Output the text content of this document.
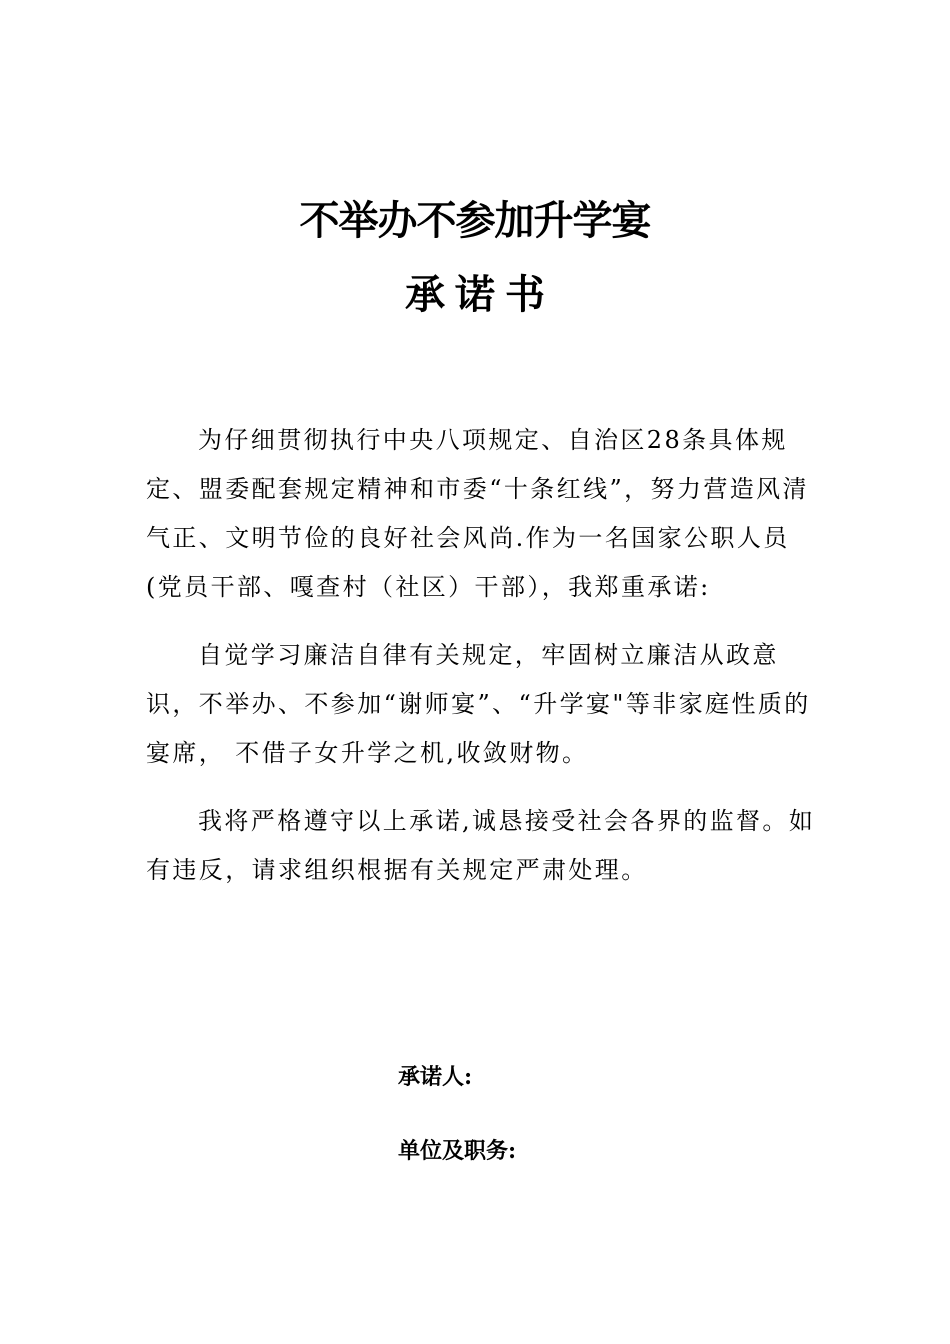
不举办不参加升学宴
承诺书

为仔细贯彻执行中央八项规定、自治区28条具体规定、盟委配套规定精神和市委“十条红线”，努力营造风清气正、文明节俭的良好社会风尚.作为一名国家公职人员(党员干部、嘎查村（社区）干部），我郑重承诺:

自觉学习廉洁自律有关规定，牢固树立廉洁从政意识，不举办、不参加“谢师宴”、“升学宴"等非家庭性质的宴席， 不借子女升学之机,收敛财物。

我将严格遵守以上承诺,诚恳接受社会各界的监督。如有违反，请求组织根据有关规定严肃处理。

承诺人:
单位及职务:
